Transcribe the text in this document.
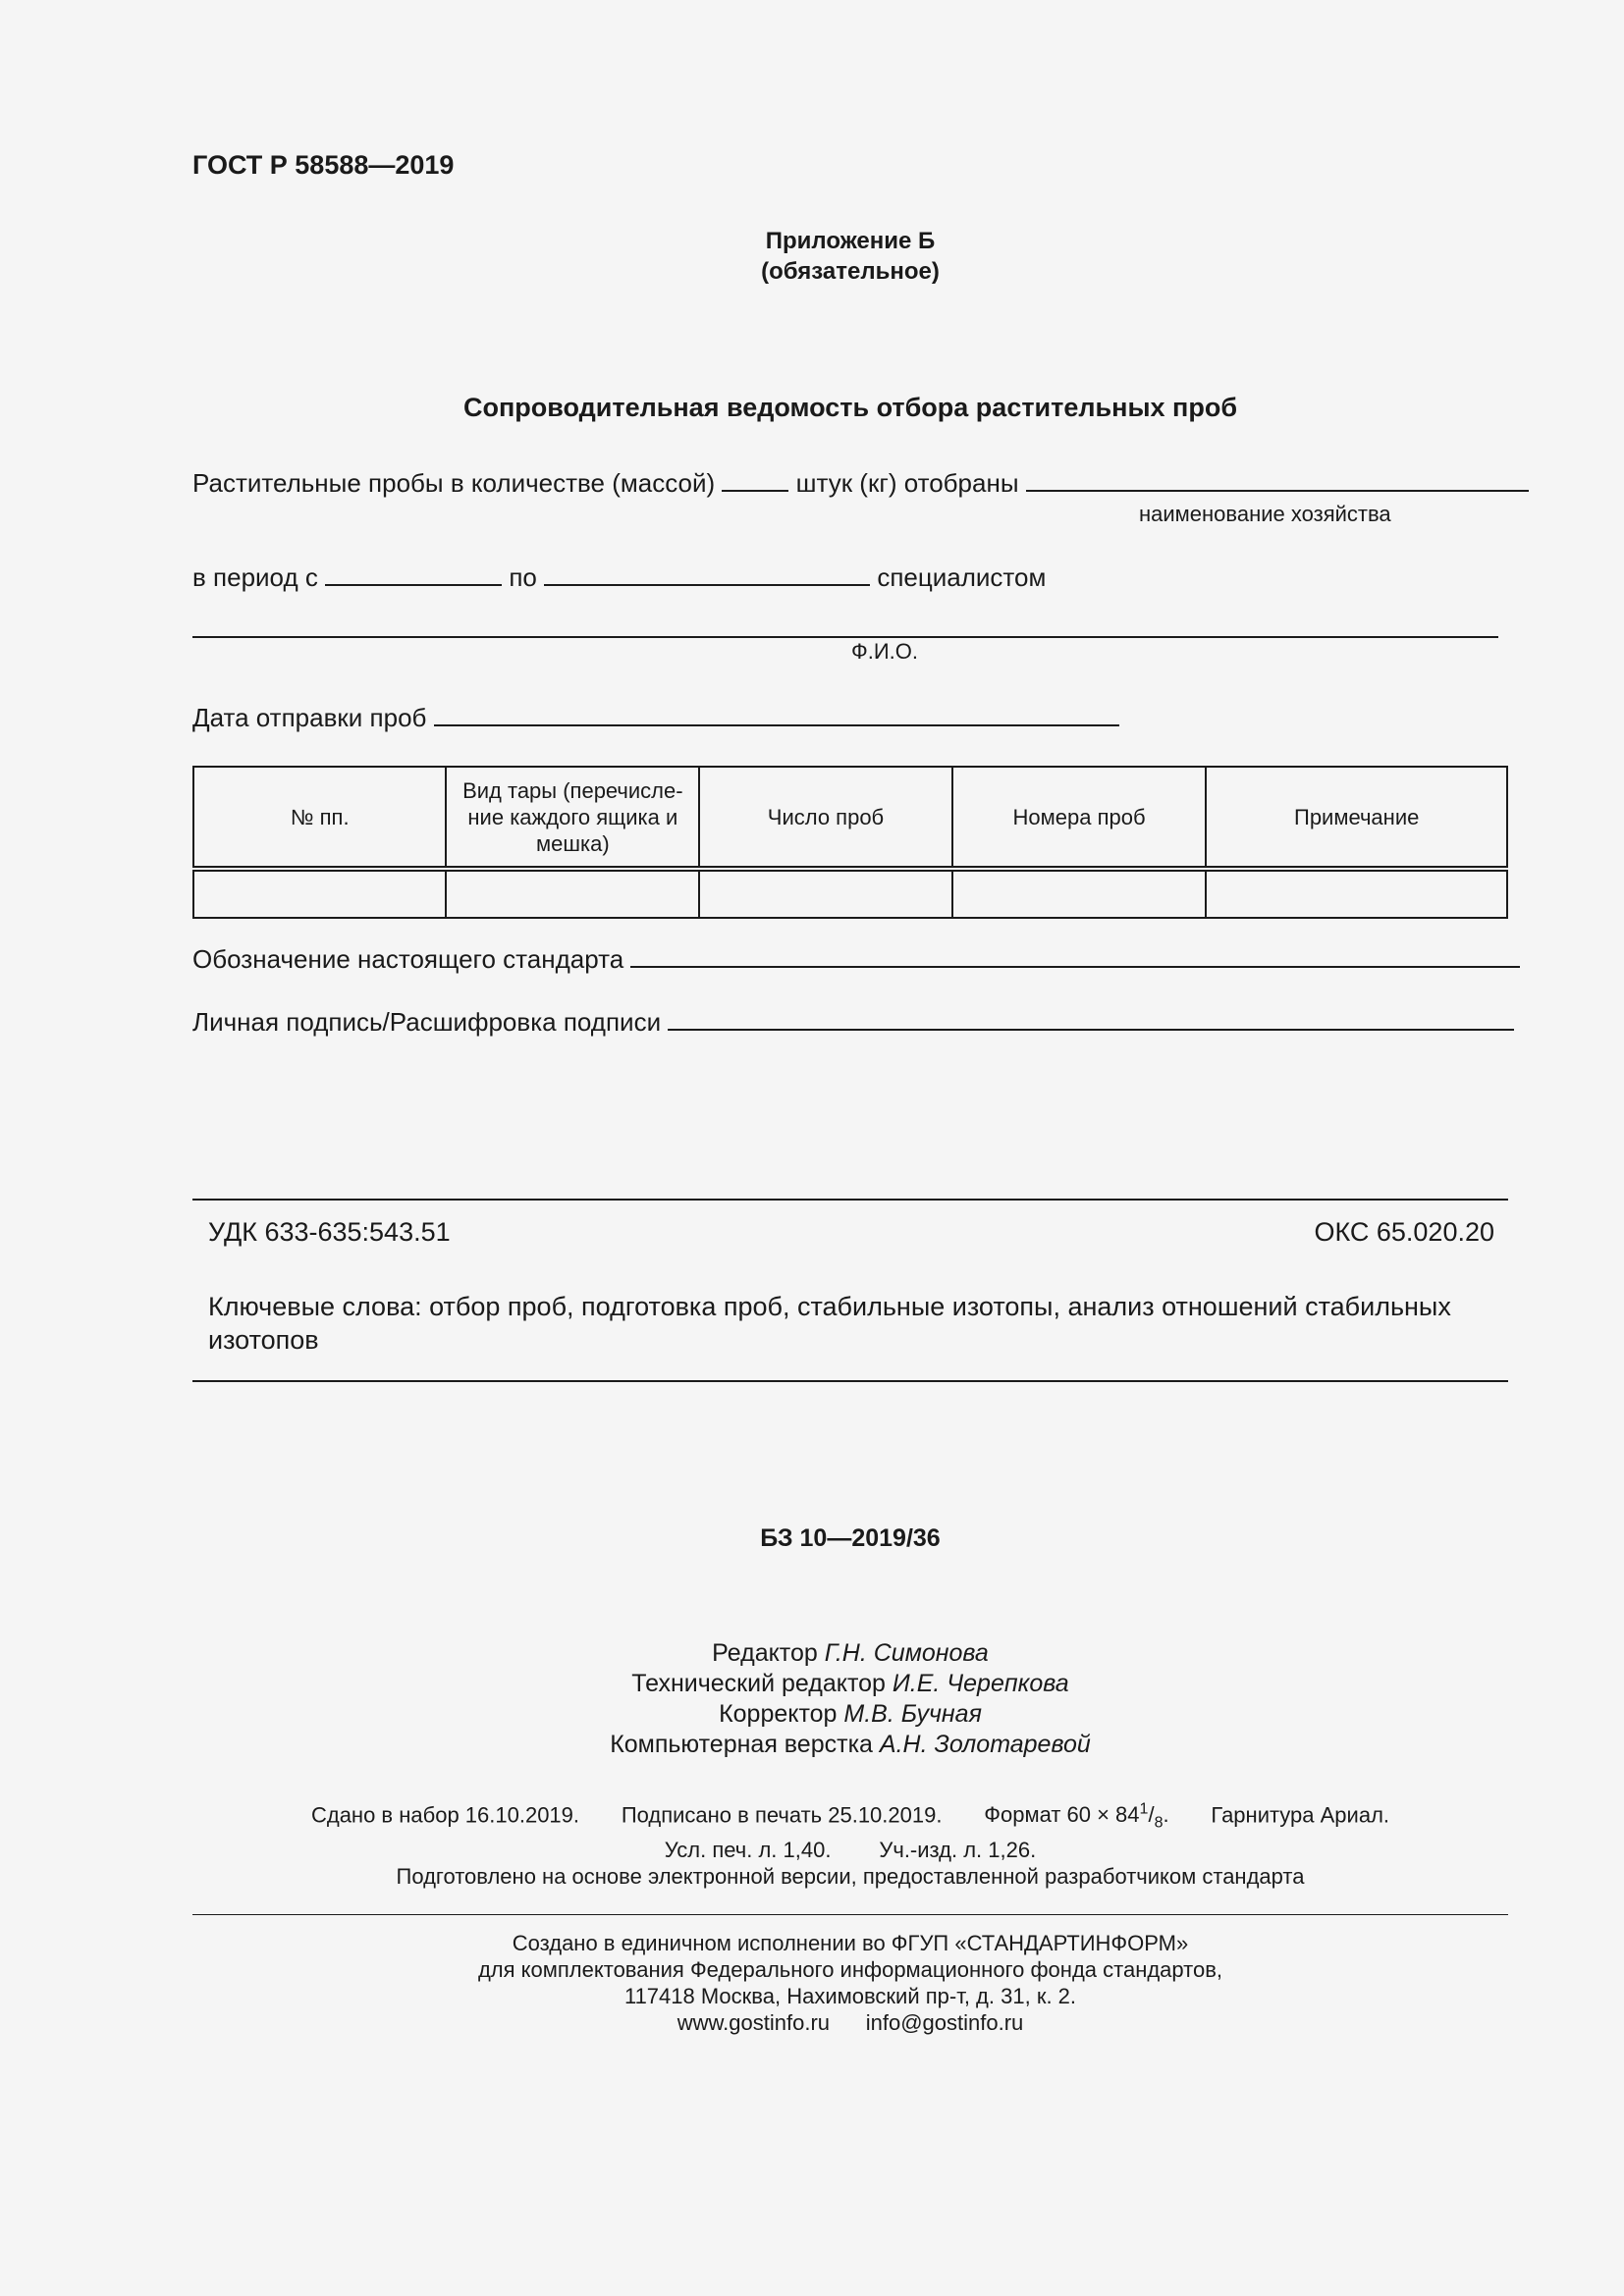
ГОСТ Р 58588—2019
Приложение Б
(обязательное)
Сопроводительная ведомость отбора растительных проб
Растительные пробы в количестве (массой)	штук (кг) отобраны
наименование хозяйства
в период с	по	специалистом
Ф.И.О.
Дата отправки проб
№ пп.	Вид тары (перечисле-
ние каждого ящика и
мешка)	Число проб	Номера проб	Примечание

Обозначение настоящего стандарта
Личная подпись/Расшифровка подписи
УДК 633-635:543.51	ОКС 65.020.20
Ключевые слова: отбор проб, подготовка проб, стабильные изотопы, анализ отношений стабильных
изотопов
БЗ 10—2019/36
Редактор Г.Н. Симонова
Технический редактор И.Е. Черепкова
Корректор М.В. Бучная
Компьютерная верстка А.Н. Золотаревой
Сдано в набор 16.10.2019. Подписано в печать 25.10.2019. Формат $60 \times 84^1/_8$. Гарнитура Ариал.
Усл. печ. л. 1,40. Уч.-изд. л. 1,26.
Подготовлено на основе электронной версии, предоставленной разработчиком стандарта
Создано в единичном исполнении во ФГУП «СТАНДАРТИНФОРМ»
для комплектования Федерального информационного фонда стандартов,
117418 Москва, Нахимовский пр-т, д. 31, к. 2.
www.gostinfo.ru info@gostinfo.ru
